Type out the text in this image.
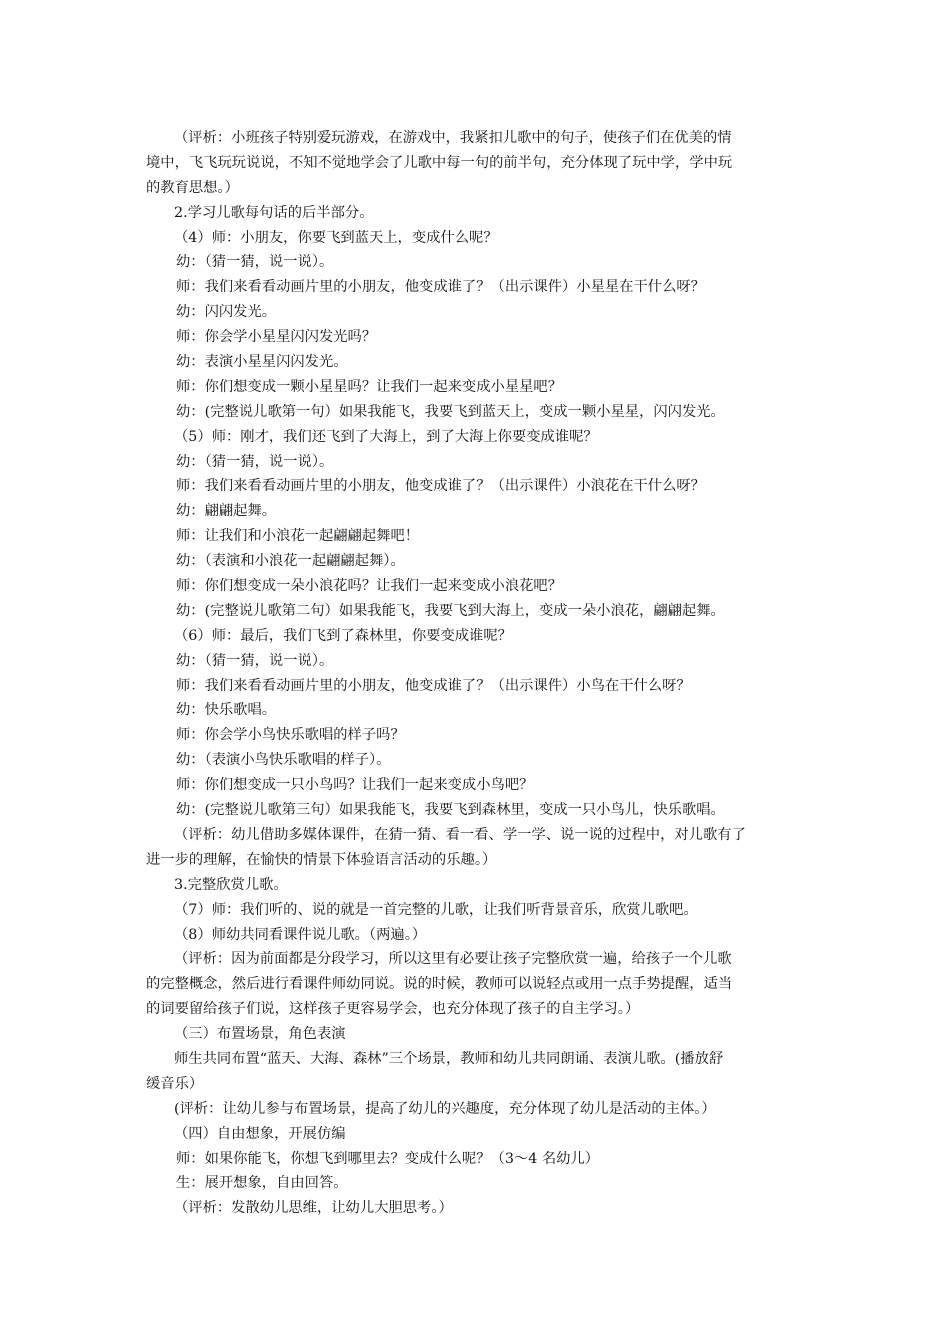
（评析：小班孩子特别爱玩游戏，在游戏中，我紧扣儿歌中的句子，使孩子们在优美的情
境中，飞飞玩玩说说，不知不觉地学会了儿歌中每一句的前半句，充分体现了玩中学，学中玩
的教育思想。）
2.学习儿歌每句话的后半部分。
（4）师：小朋友，你要飞到蓝天上，变成什么呢？
幼：（猜一猜，说一说）。
师：我们来看看动画片里的小朋友，他变成谁了？（出示课件）小星星在干什么呀？
幼：闪闪发光。
师：你会学小星星闪闪发光吗？
幼：表演小星星闪闪发光。
师：你们想变成一颗小星星吗？让我们一起来变成小星星吧？
幼：(完整说儿歌第一句）如果我能飞，我要飞到蓝天上，变成一颗小星星，闪闪发光。
（5）师：刚才，我们还飞到了大海上，到了大海上你要变成谁呢？
幼：（猜一猜，说一说）。
师：我们来看看动画片里的小朋友，他变成谁了？（出示课件）小浪花在干什么呀？
幼：翩翩起舞。
师：让我们和小浪花一起翩翩起舞吧！
幼：（表演和小浪花一起翩翩起舞）。
师：你们想变成一朵小浪花吗？让我们一起来变成小浪花吧？
幼：(完整说儿歌第二句）如果我能飞，我要飞到大海上，变成一朵小浪花，翩翩起舞。
（6）师：最后，我们飞到了森林里，你要变成谁呢？
幼：（猜一猜，说一说）。
师：我们来看看动画片里的小朋友，他变成谁了？（出示课件）小鸟在干什么呀？
幼：快乐歌唱。
师：你会学小鸟快乐歌唱的样子吗？
幼：（表演小鸟快乐歌唱的样子）。
师：你们想变成一只小鸟吗？让我们一起来变成小鸟吧？
幼：(完整说儿歌第三句）如果我能飞，我要飞到森林里，变成一只小鸟儿，快乐歌唱。
（评析：幼儿借助多媒体课件，在猜一猜、看一看、学一学、说一说的过程中，对儿歌有了
进一步的理解，在愉快的情景下体验语言活动的乐趣。）
3.完整欣赏儿歌。
（7）师：我们听的、说的就是一首完整的儿歌，让我们听背景音乐，欣赏儿歌吧。
（8）师幼共同看课件说儿歌。（两遍。）
（评析：因为前面都是分段学习，所以这里有必要让孩子完整欣赏一遍，给孩子一个儿歌
的完整概念，然后进行看课件师幼同说。说的时候，教师可以说轻点或用一点手势提醒，适当
的词要留给孩子们说，这样孩子更容易学会，也充分体现了孩子的自主学习。）
（三）布置场景，角色表演
师生共同布置“蓝天、大海、森林”三个场景，教师和幼儿共同朗诵、表演儿歌。(播放舒
缓音乐）
(评析：让幼儿参与布置场景，提高了幼儿的兴趣度，充分体现了幼儿是活动的主体。）
（四）自由想象，开展仿编
师：如果你能飞，你想飞到哪里去？变成什么呢？（3～4 名幼儿）
生：展开想象，自由回答。
（评析：发散幼儿思维，让幼儿大胆思考。）
